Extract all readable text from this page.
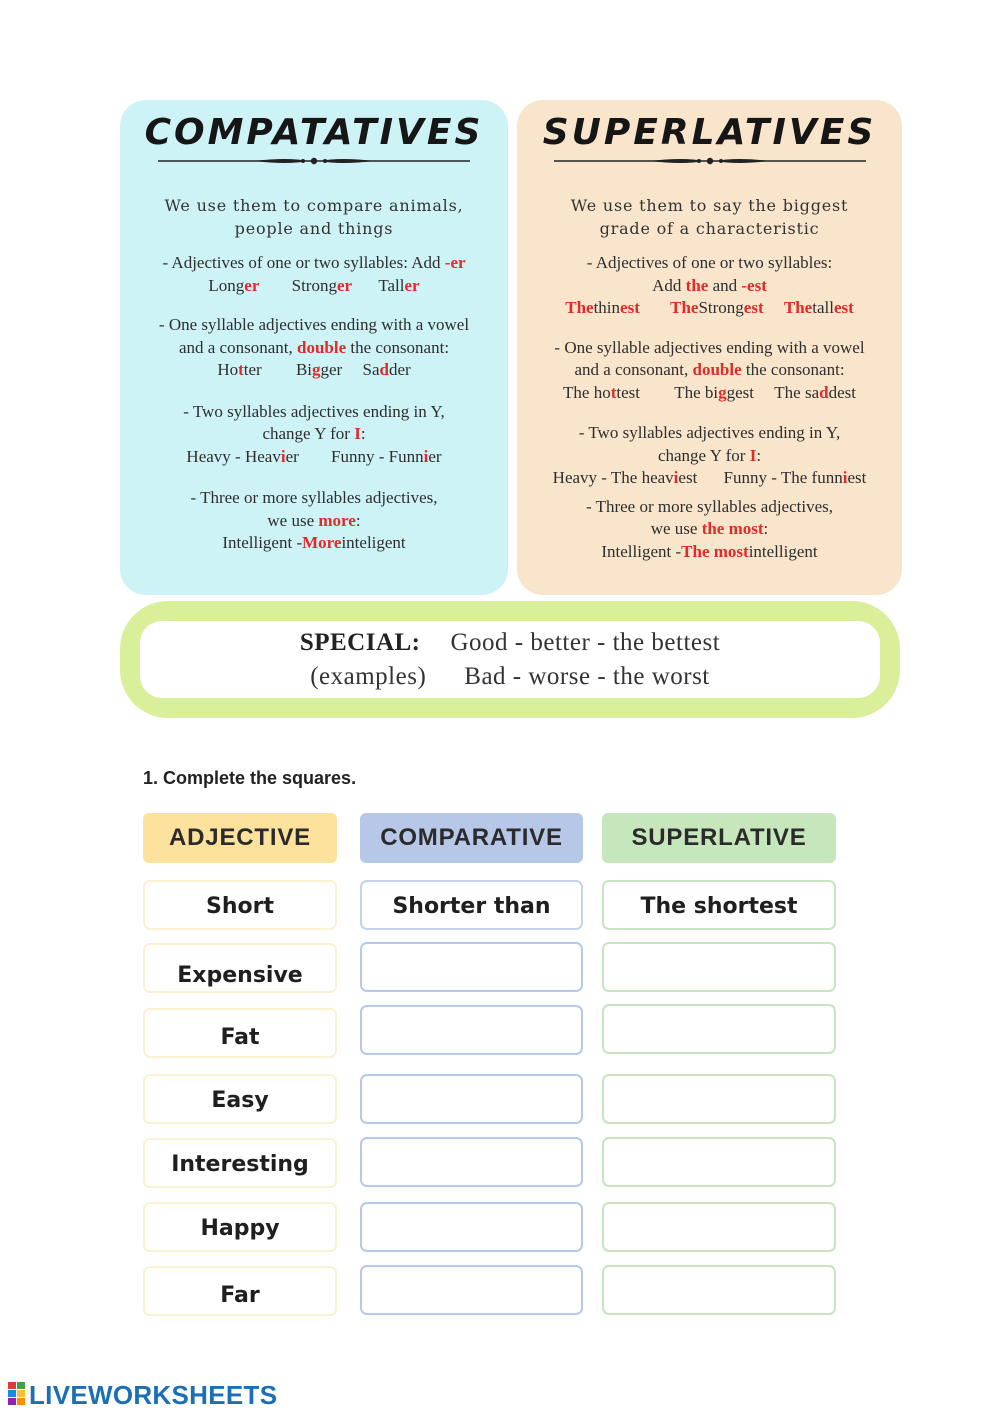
COMPATATIVES
We use them to compare animals,
people and things
- Adjectives of one or two syllables: Add -er
Longer Stronger Taller
- One syllable adjectives ending with a vowel
and a consonant, double the consonant:
Hotter Bigger Sadder
- Two syllables adjectives ending in Y,
change Y for I:
Heavy - Heavier Funny - Funnier
- Three or more syllables adjectives,
we use more:
Intelligent -Moreinteligent
SUPERLATIVES
We use them to say the biggest
grade of a characteristic
- Adjectives of one or two syllables:
Add the and -est
Thethinest TheStrongest Thetallest
- One syllable adjectives ending with a vowel
and a consonant, double the consonant:
The hottest The biggest The saddest
- Two syllables adjectives ending in Y,
change Y for I:
Heavy - The heaviest Funny - The funniest
- Three or more syllables adjectives,
we use the most:
Intelligent -The mostintelligent
SPECIAL: Good - better - the bettest
(examples) Bad - worse - the worst
1. Complete the squares.
ADJECTIVE	COMPARATIVE	SUPERLATIVE
Short	Shorter than	The shortest
Expensive
Fat
Easy
Interesting
Happy
Far
LIVEWORKSHEETS
